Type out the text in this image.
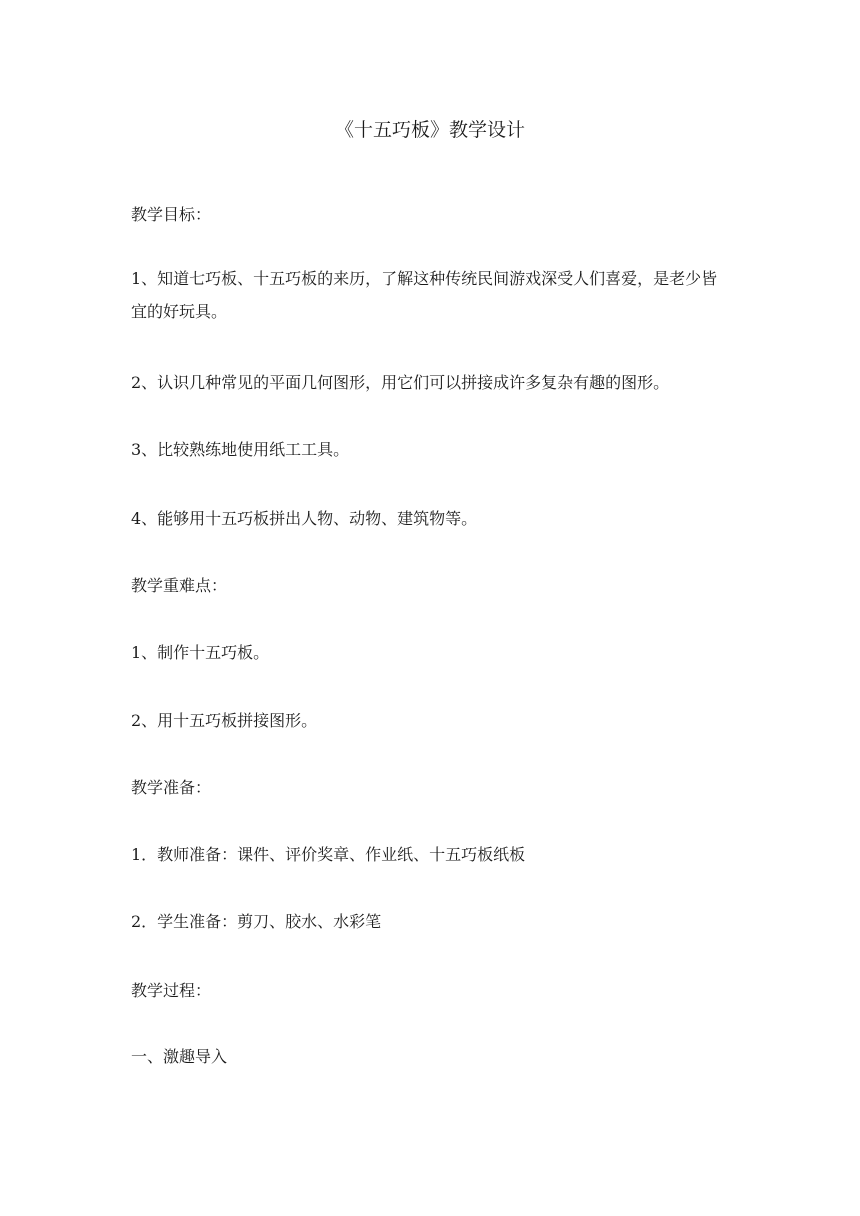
《十五巧板》教学设计
教学目标：
1、知道七巧板、十五巧板的来历，了解这种传统民间游戏深受人们喜爱，是老少皆宜的好玩具。
2、认识几种常见的平面几何图形，用它们可以拼接成许多复杂有趣的图形。
3、比较熟练地使用纸工工具。
4、能够用十五巧板拼出人物、动物、建筑物等。
教学重难点：
1、制作十五巧板。
2、用十五巧板拼接图形。
教学准备：
1．教师准备：课件、评价奖章、作业纸、十五巧板纸板
2．学生准备：剪刀、胶水、水彩笔
教学过程：
一、激趣导入
